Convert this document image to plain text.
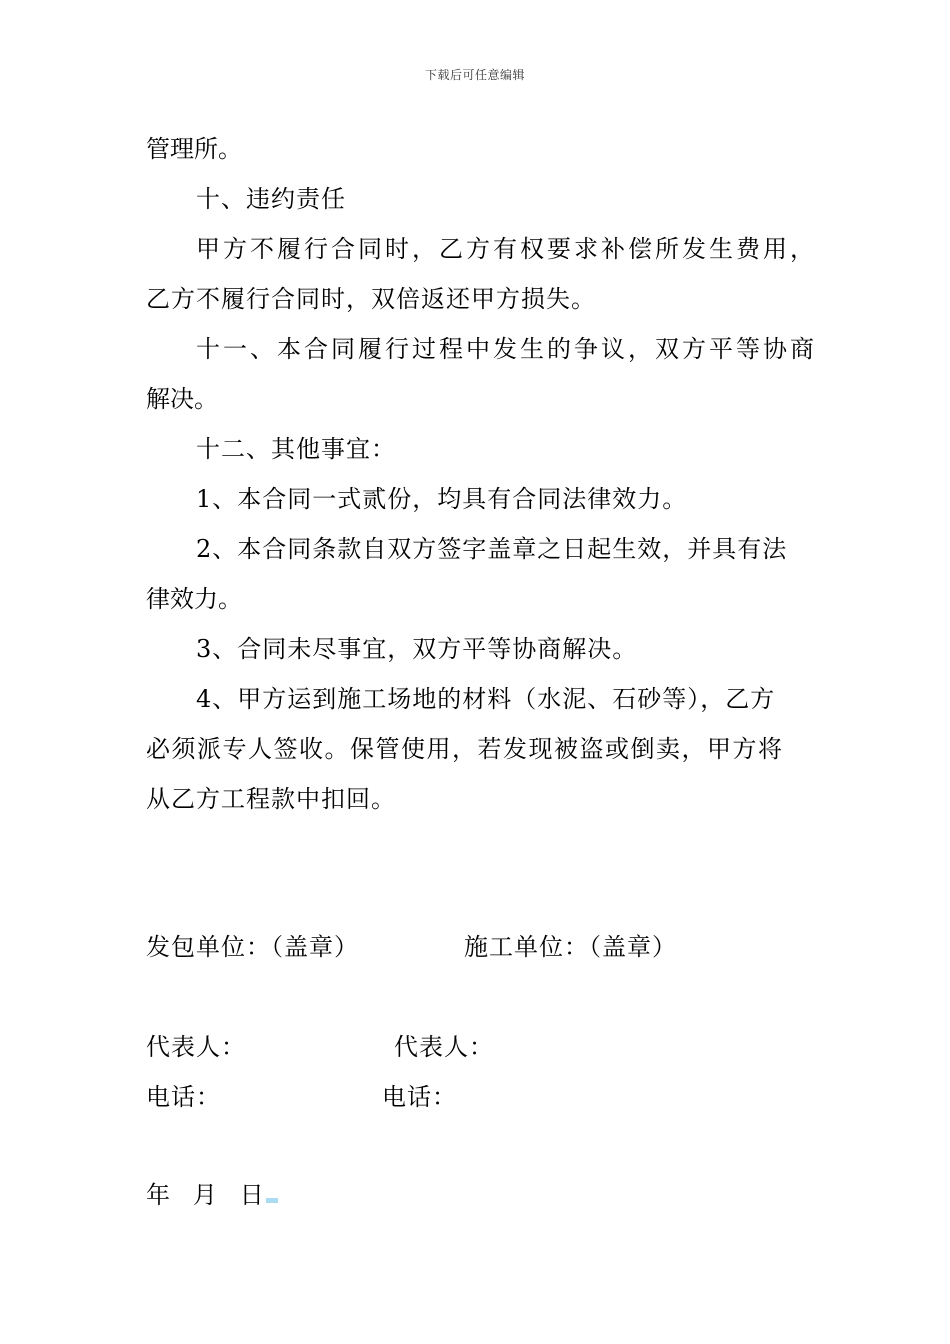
下载后可任意编辑
管理所。
十、违约责任
甲方不履行合同时，乙方有权要求补偿所发生费用，
乙方不履行合同时，双倍返还甲方损失。
十一、本合同履行过程中发生的争议，双方平等协商
解决。
十二、其他事宜：
1、本合同一式贰份，均具有合同法律效力。
2、本合同条款自双方签字盖章之日起生效，并具有法
律效力。
3、合同未尽事宜，双方平等协商解决。
4、甲方运到施工场地的材料（水泥、石砂等），乙方
必须派专人签收。保管使用，若发现被盗或倒卖，甲方将
从乙方工程款中扣回。
发包单位：（盖章）	施工单位：（盖章）
代表人：	代表人：
电话：	电话：
年   月   日
